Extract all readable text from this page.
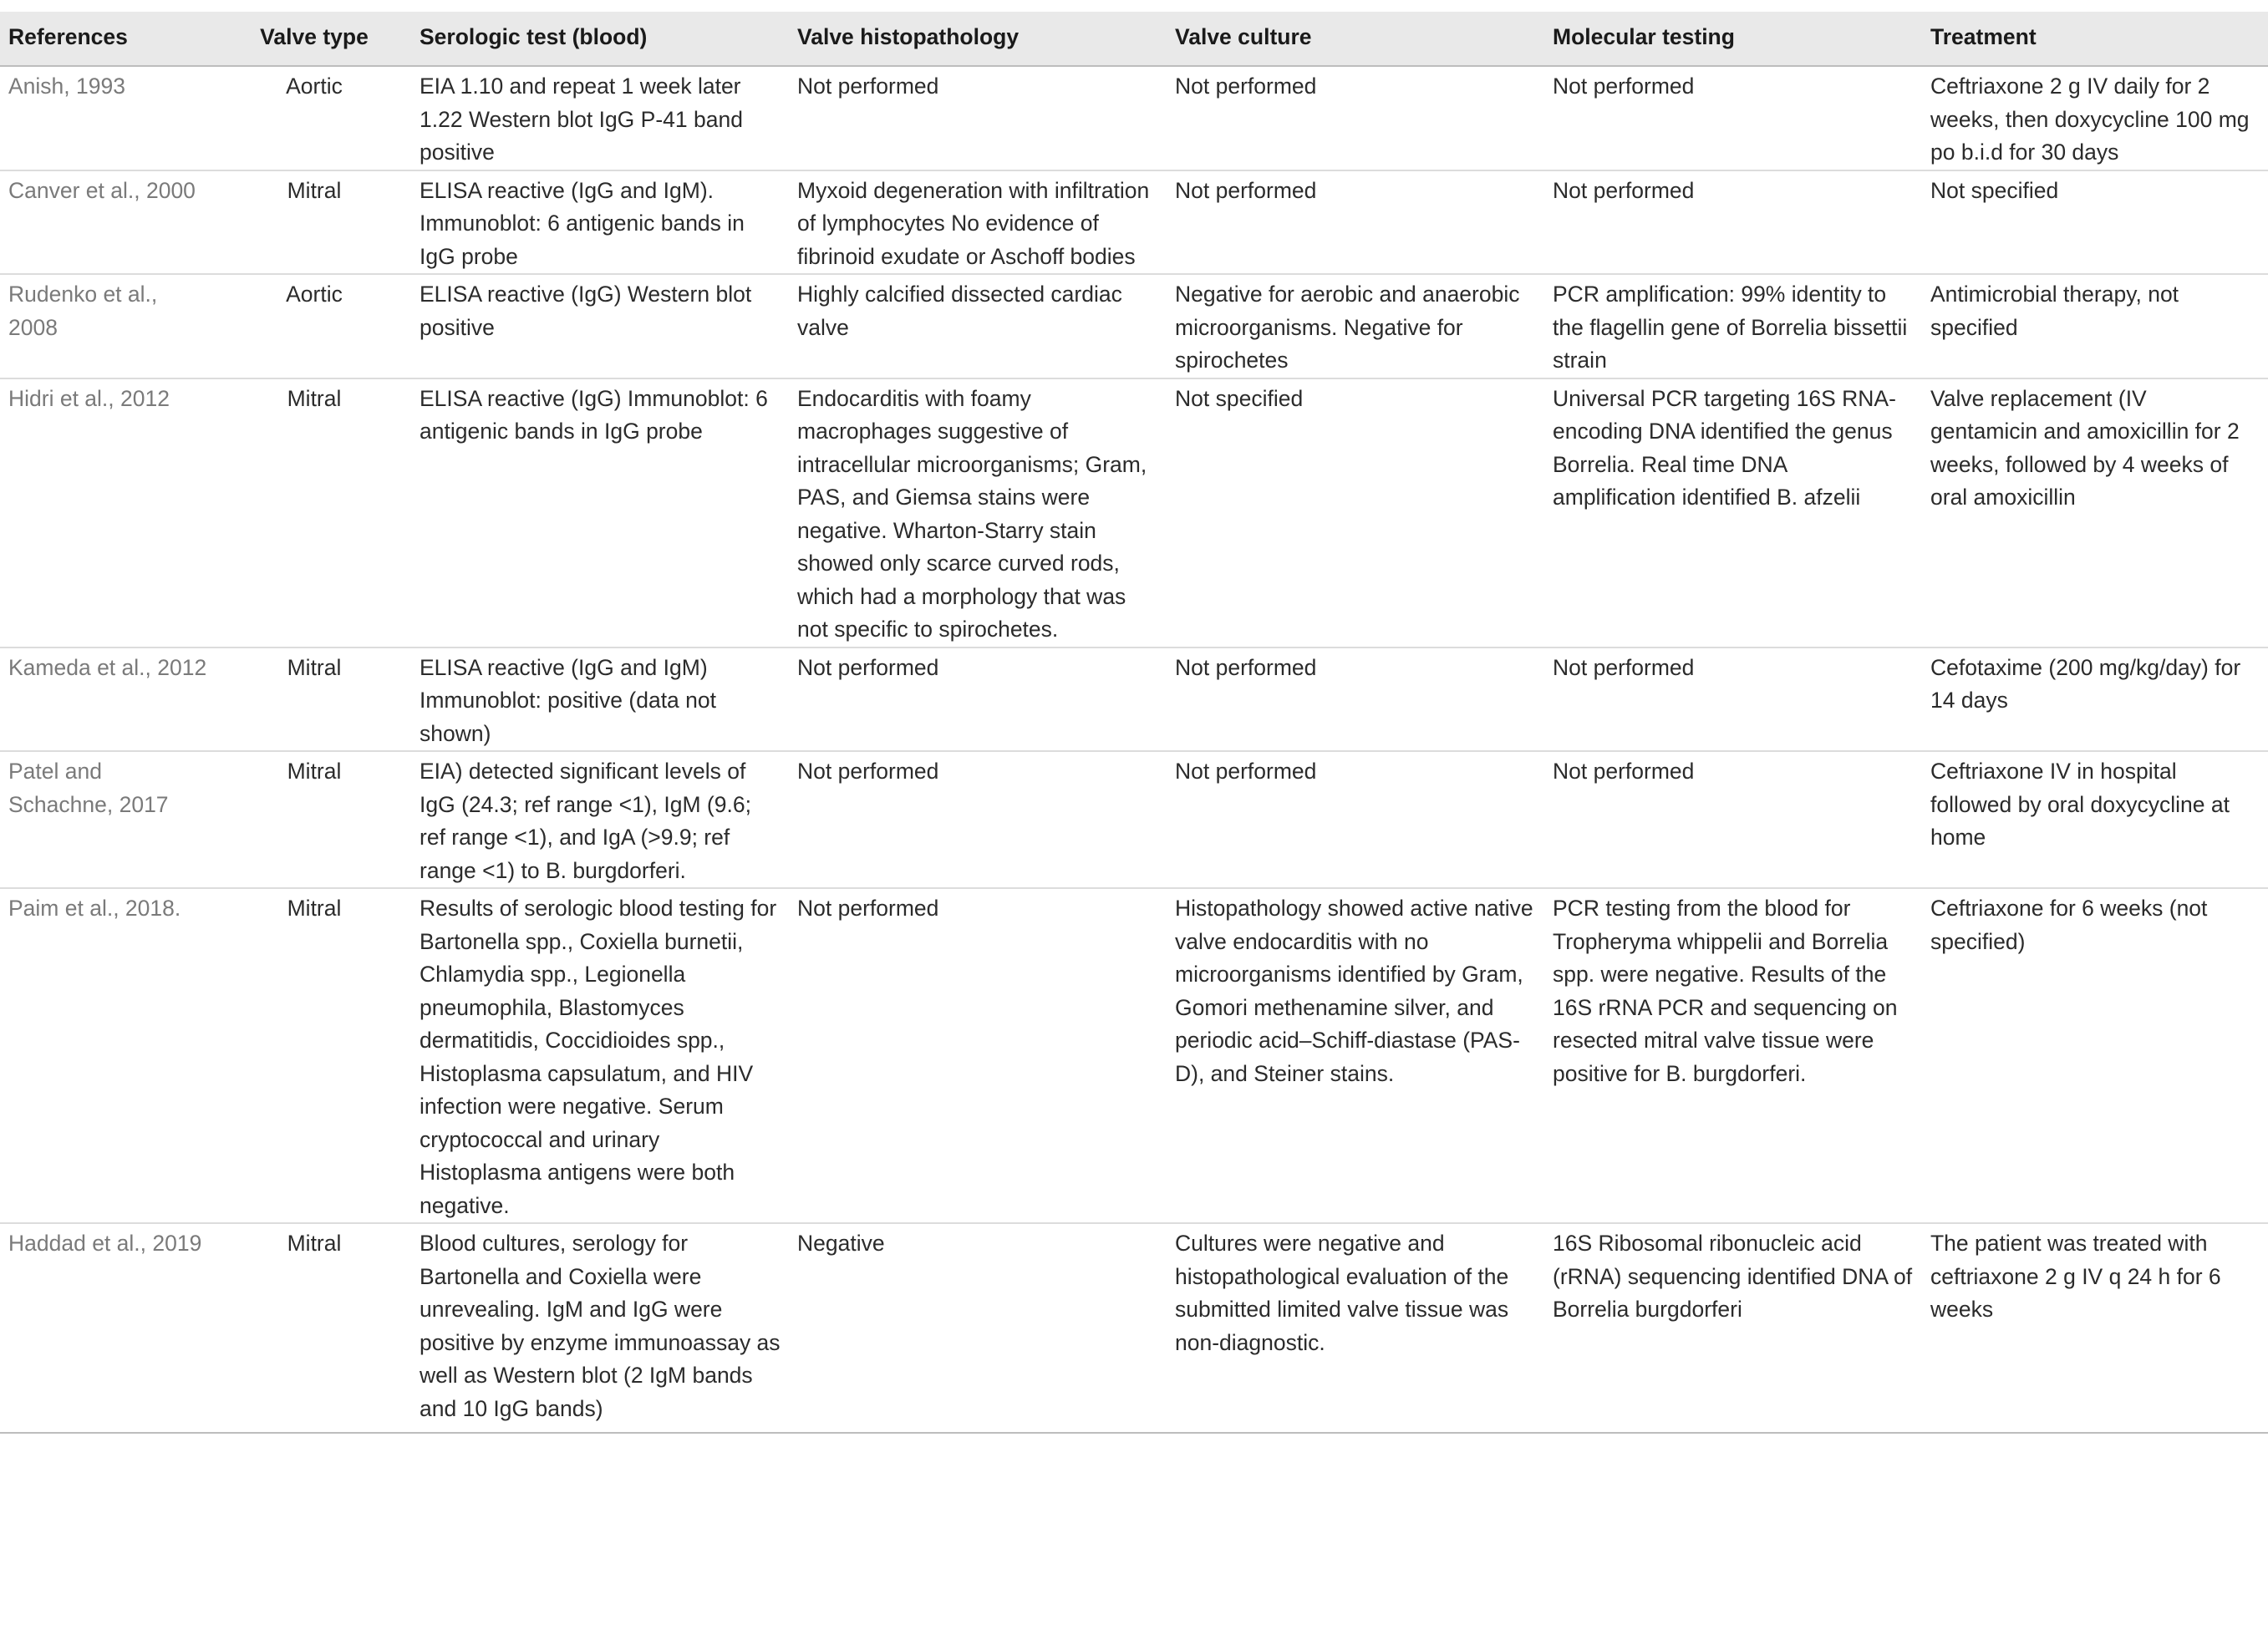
References	Valve type	Serologic test (blood)	Valve histopathology	Valve culture	Molecular testing	Treatment
Anish, 1993	Aortic	EIA 1.10 and repeat 1 week later 1.22 Western blot IgG P-41 band positive	Not performed	Not performed	Not performed	Ceftriaxone 2 g IV daily for 2 weeks, then doxycycline 100 mg po b.i.d for 30 days
Canver et al., 2000	Mitral	ELISA reactive (IgG and IgM). Immunoblot: 6 antigenic bands in IgG probe	Myxoid degeneration with infiltration of lymphocytes No evidence of fibrinoid exudate or Aschoff bodies	Not performed	Not performed	Not specified
Rudenko et al., 2008	Aortic	ELISA reactive (IgG) Western blot positive	Highly calcified dissected cardiac valve	Negative for aerobic and anaerobic microorganisms. Negative for spirochetes	PCR amplification: 99% identity to the flagellin gene of Borrelia bissettii strain	Antimicrobial therapy, not specified
Hidri et al., 2012	Mitral	ELISA reactive (IgG) Immunoblot: 6 antigenic bands in IgG probe	Endocarditis with foamy macrophages suggestive of intracellular microorganisms; Gram, PAS, and Giemsa stains were negative. Wharton-Starry stain showed only scarce curved rods, which had a morphology that was not specific to spirochetes.	Not specified	Universal PCR targeting 16S RNA-encoding DNA identified the genus Borrelia. Real time DNA amplification identified B. afzelii	Valve replacement (IV gentamicin and amoxicillin for 2 weeks, followed by 4 weeks of oral amoxicillin
Kameda et al., 2012	Mitral	ELISA reactive (IgG and IgM) Immunoblot: positive (data not shown)	Not performed	Not performed	Not performed	Cefotaxime (200 mg/kg/day) for 14 days
Patel and Schachne, 2017	Mitral	EIA) detected significant levels of IgG (24.3; ref range <1), IgM (9.6; ref range <1), and IgA (>9.9; ref range <1) to B. burgdorferi.	Not performed	Not performed	Not performed	Ceftriaxone IV in hospital followed by oral doxycycline at home
Paim et al., 2018.	Mitral	Results of serologic blood testing for Bartonella spp., Coxiella burnetii, Chlamydia spp., Legionella pneumophila, Blastomyces dermatitidis, Coccidioides spp., Histoplasma capsulatum, and HIV infection were negative. Serum cryptococcal and urinary Histoplasma antigens were both negative.	Not performed	Histopathology showed active native valve endocarditis with no microorganisms identified by Gram, Gomori methenamine silver, and periodic acid–Schiff-diastase (PAS-D), and Steiner stains.	PCR testing from the blood for Tropheryma whippelii and Borrelia spp. were negative. Results of the 16S rRNA PCR and sequencing on resected mitral valve tissue were positive for B. burgdorferi.	Ceftriaxone for 6 weeks (not specified)
Haddad et al., 2019	Mitral	Blood cultures, serology for Bartonella and Coxiella were unrevealing. IgM and IgG were positive by enzyme immunoassay as well as Western blot (2 IgM bands and 10 IgG bands)	Negative	Cultures were negative and histopathological evaluation of the submitted limited valve tissue was non-diagnostic.	16S Ribosomal ribonucleic acid (rRNA) sequencing identified DNA of Borrelia burgdorferi	The patient was treated with ceftriaxone 2 g IV q 24 h for 6 weeks
